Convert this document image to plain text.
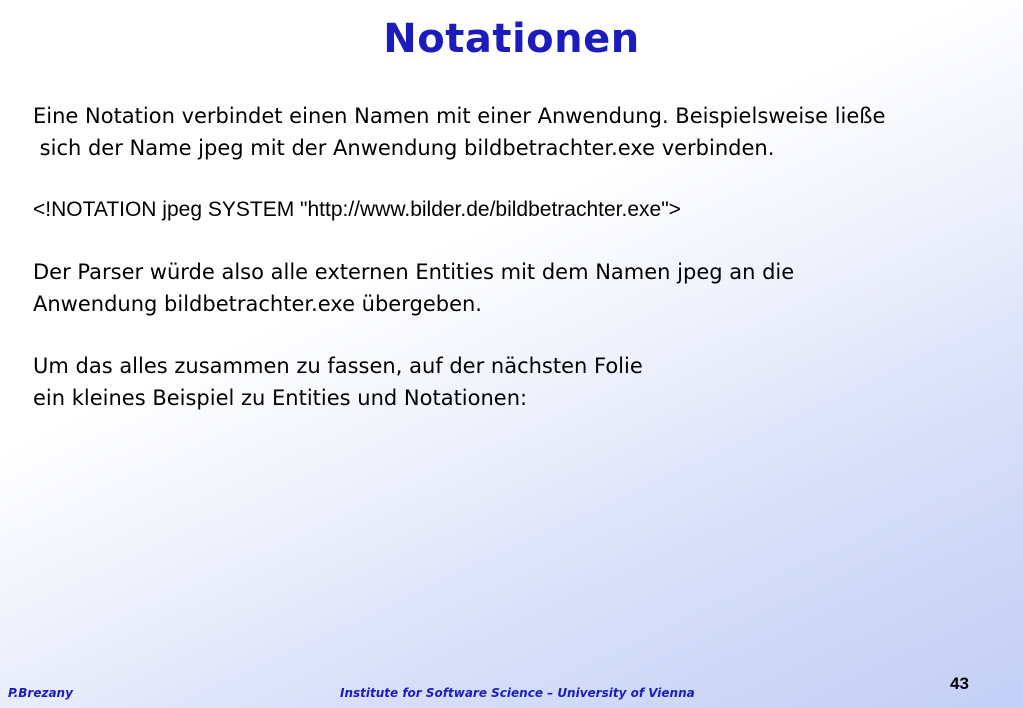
Notationen

Eine Notation verbindet einen Namen mit einer Anwendung. Beispielsweise ließe

sich der Name jpeg mit der Anwendung bildbetrachter.exe verbinden.

<!NOTATION jpeg SYSTEM "http://www.bilder.de/bildbetrachter.exe">

Der Parser würde also alle externen Entities mit dem Namen jpeg an die

Anwendung bildbetrachter.exe übergeben.

Um das alles zusammen zu fassen, auf der nächsten Folie

ein kleines Beispiel zu Entities und Notationen:

P.Brezany	Institute for Software Science – University of Vienna	43
